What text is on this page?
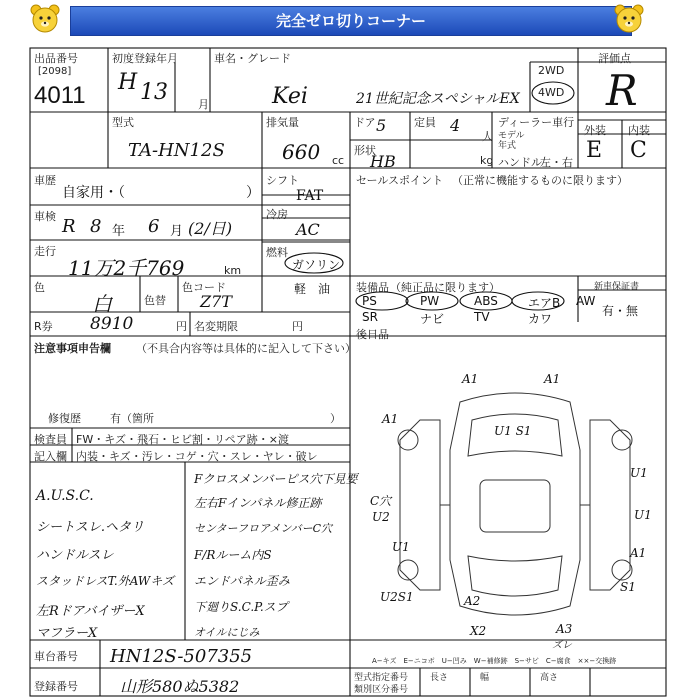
完全ゼロ切りコーナー
出品番号
[2098]
4011
初度登録年月
H 13	月
車名・グレード
Kei	21世紀記念スペシャルEX
2WD
4WD
評価点
R
型式
TA-HN12S
排気量
660 cc
ドア 5	定員 4
人
形状
HB	kg
ディーラー車行
モデル
年式
ハンドル
左・右
外装 内装
E C
車歴
自家用・（	）
車検 R 8 年 6 月 (2/日)
走行
11万2千769	km
色
白	色替
色コード
Z7T
R券 8910	円 名変期限	円
シフト
FAT
冷房
AC
燃料
ガソリン
軽　油
セールスポイント （正常に機能するものに限ります）
装備品 （純正品に限ります）
PS	PW	ABS	エアB	AW
SR	ナビ	TV	カワ
新車保証書
有・無
後日品
注意事項申告欄 （不具合内容等は具体的に記入して下さい）
修復歴	有（箇所	）
検査員
記入欄
FW・キズ・飛石・ヒビ割・リペア跡・×渡
内装・キズ・汚レ・コゲ・穴・スレ・ヤレ・破レ
A.U.S.C.
シートスレ.ヘタリ
ハンドルスレ
スタッドレスT.外AWキズ
左RドアバイザーX
マフラーX
Fクロスメンバーピス穴下見要
左右Fインパネル修正跡
センターフロアメンバーC穴
F/Rルーム内S
エンドパネル歪み
下廻りS.C.P.スプ
オイルにじみ
A1	A1
A1
U1 S1
C穴
U2
U1
U1
U1
A1
S1
U2S1	A2
X2	A3
ズレ
A−キズ　E−ニコボ　U−凹み　W−補修跡　S−サビ　C−腐食　××−交換跡
車台番号 HN12S-507355
登録番号	山形580ぬ5382	型式指定番号
類別区分番号
長さ	幅	高さ
